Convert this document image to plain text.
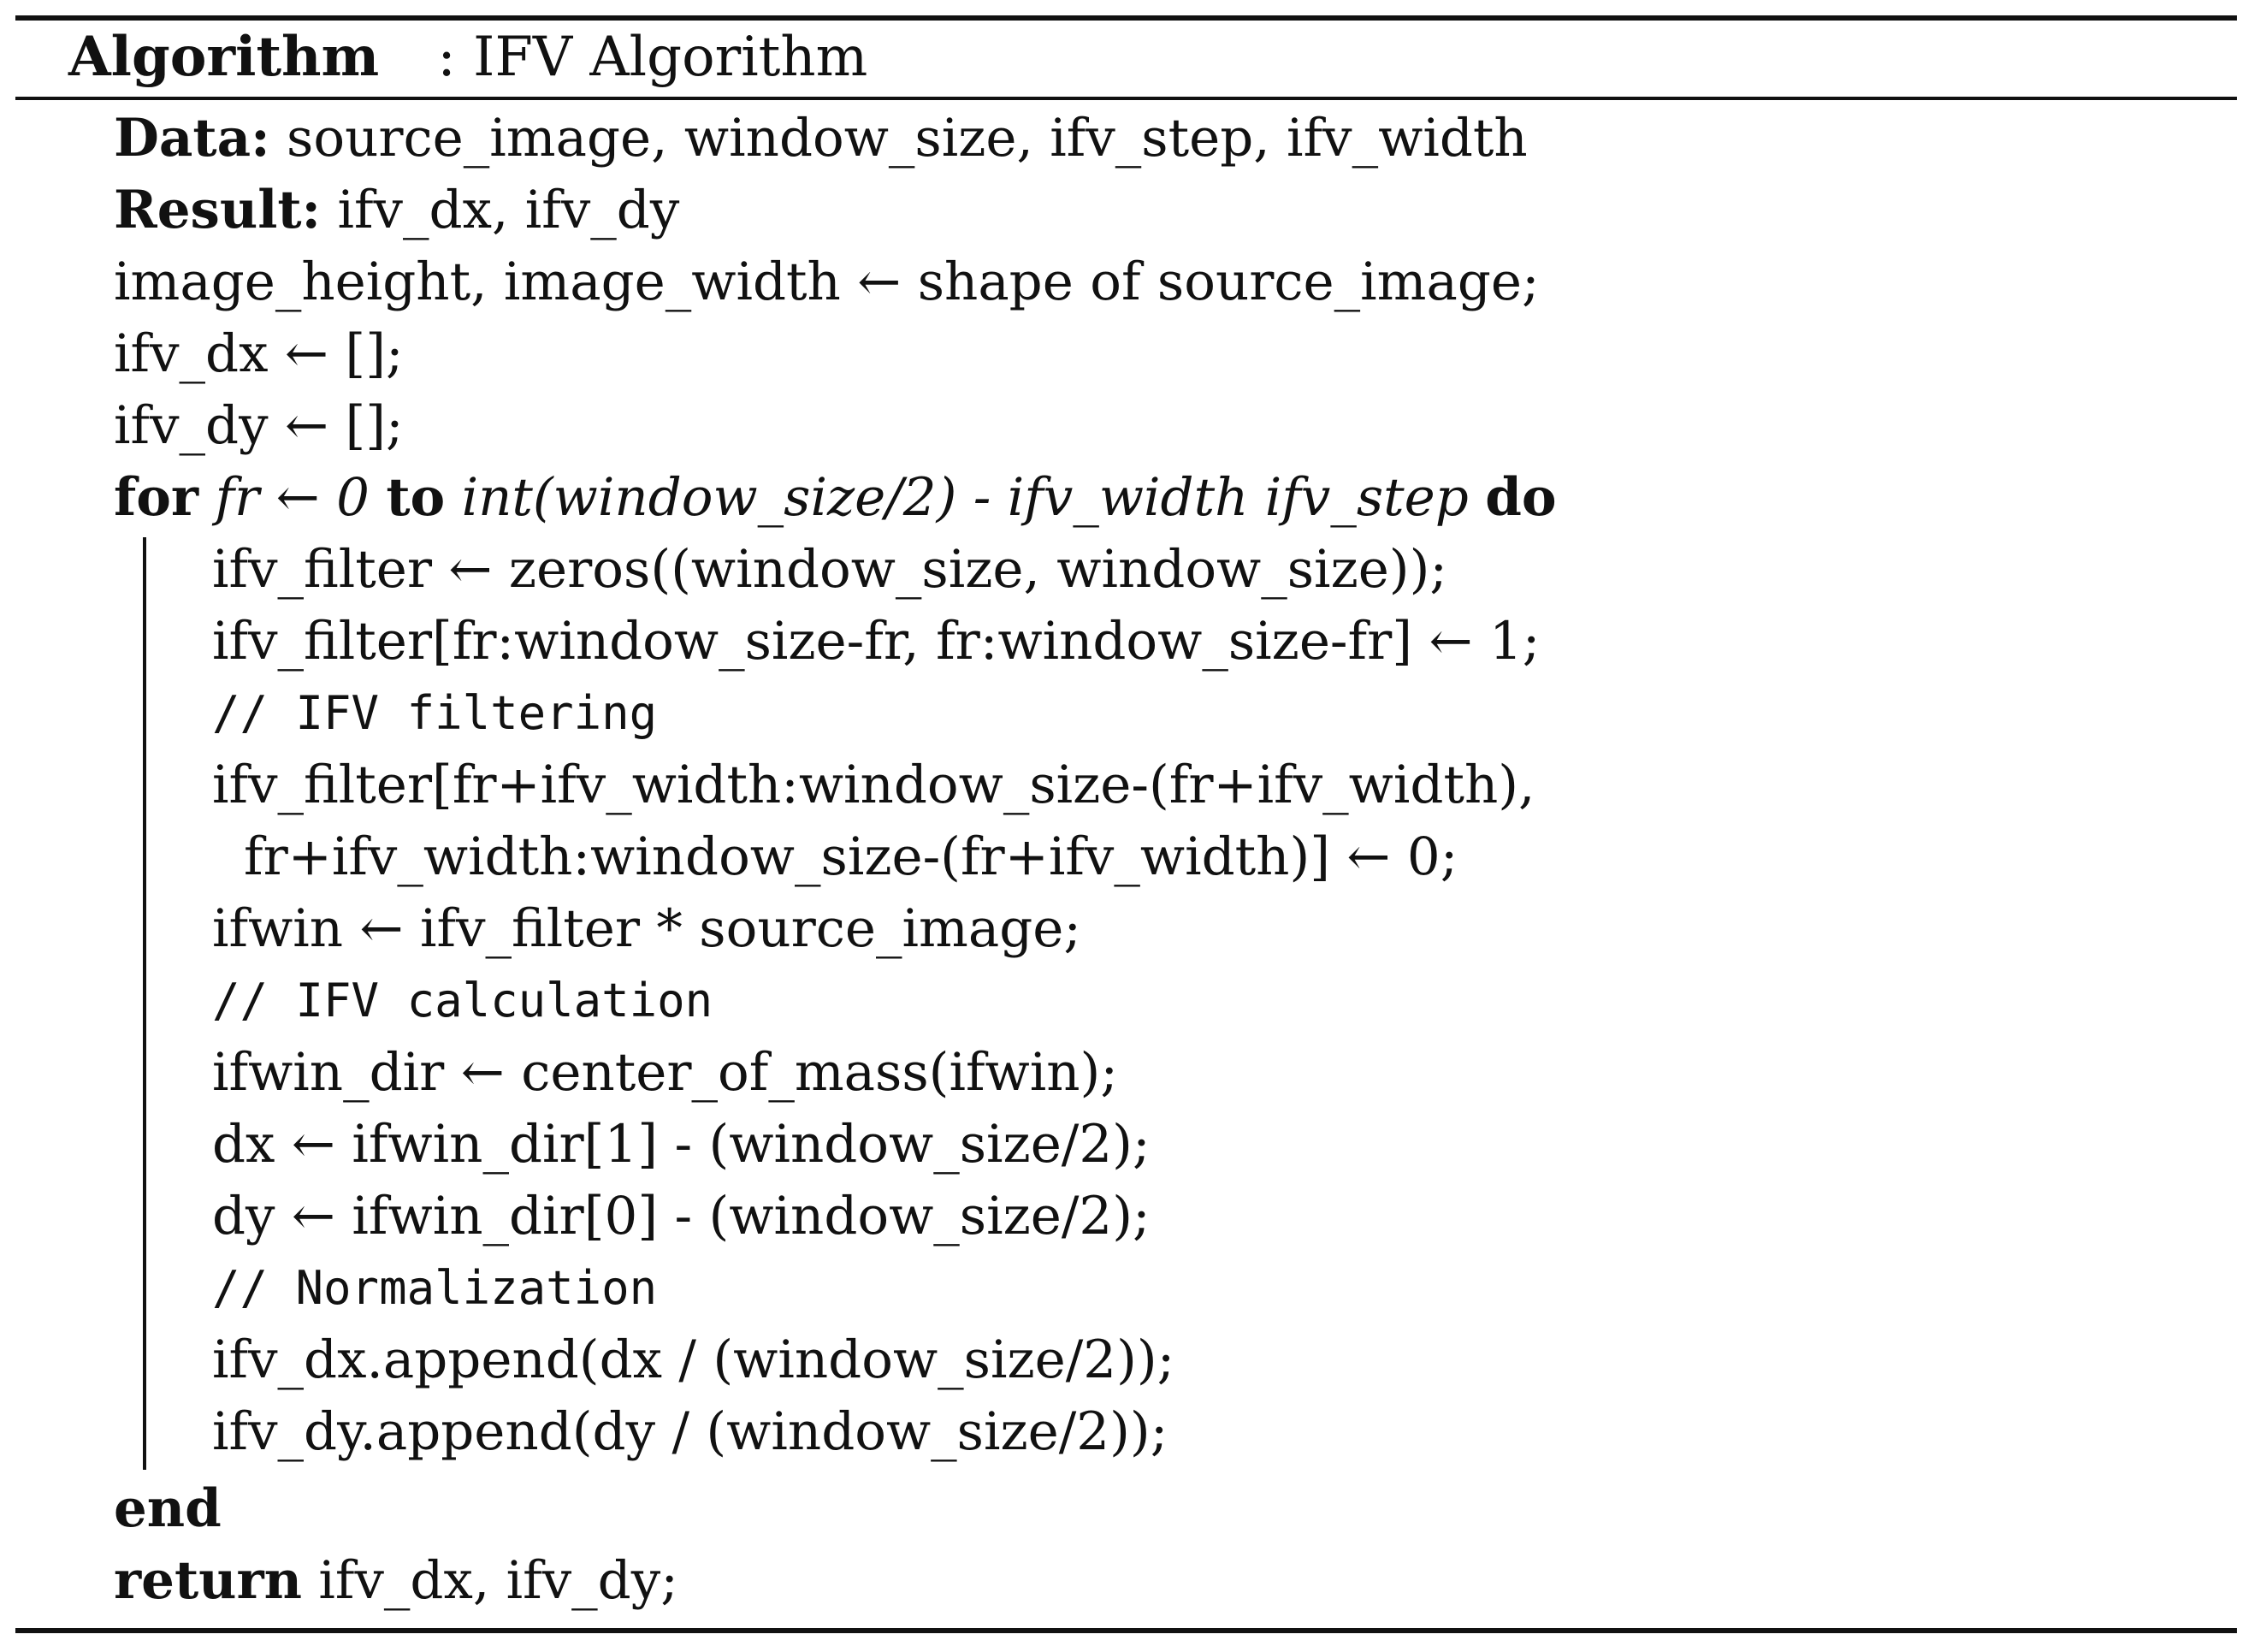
Algorithm : IFV Algorithm
Data: source_image, window_size, ifv_step, ifv_width
Result: ifv_dx, ifv_dy
image_height, image_width ← shape of source_image;
ifv_dx ← [];
ifv_dy ← [];
for fr ← 0 to int(window_size/2) - ifv_width ifv_step do
ifv_filter ← zeros((window_size, window_size));
ifv_filter[fr:window_size-fr, fr:window_size-fr] ← 1;
// IFV filtering
ifv_filter[fr+ifv_width:window_size-(fr+ifv_width),
fr+ifv_width:window_size-(fr+ifv_width)] ← 0;
ifwin ← ifv_filter * source_image;
// IFV calculation
ifwin_dir ← center_of_mass(ifwin);
dx ← ifwin_dir[1] - (window_size/2);
dy ← ifwin_dir[0] - (window_size/2);
// Normalization
ifv_dx.append(dx / (window_size/2));
ifv_dy.append(dy / (window_size/2));
end
return ifv_dx, ifv_dy;
